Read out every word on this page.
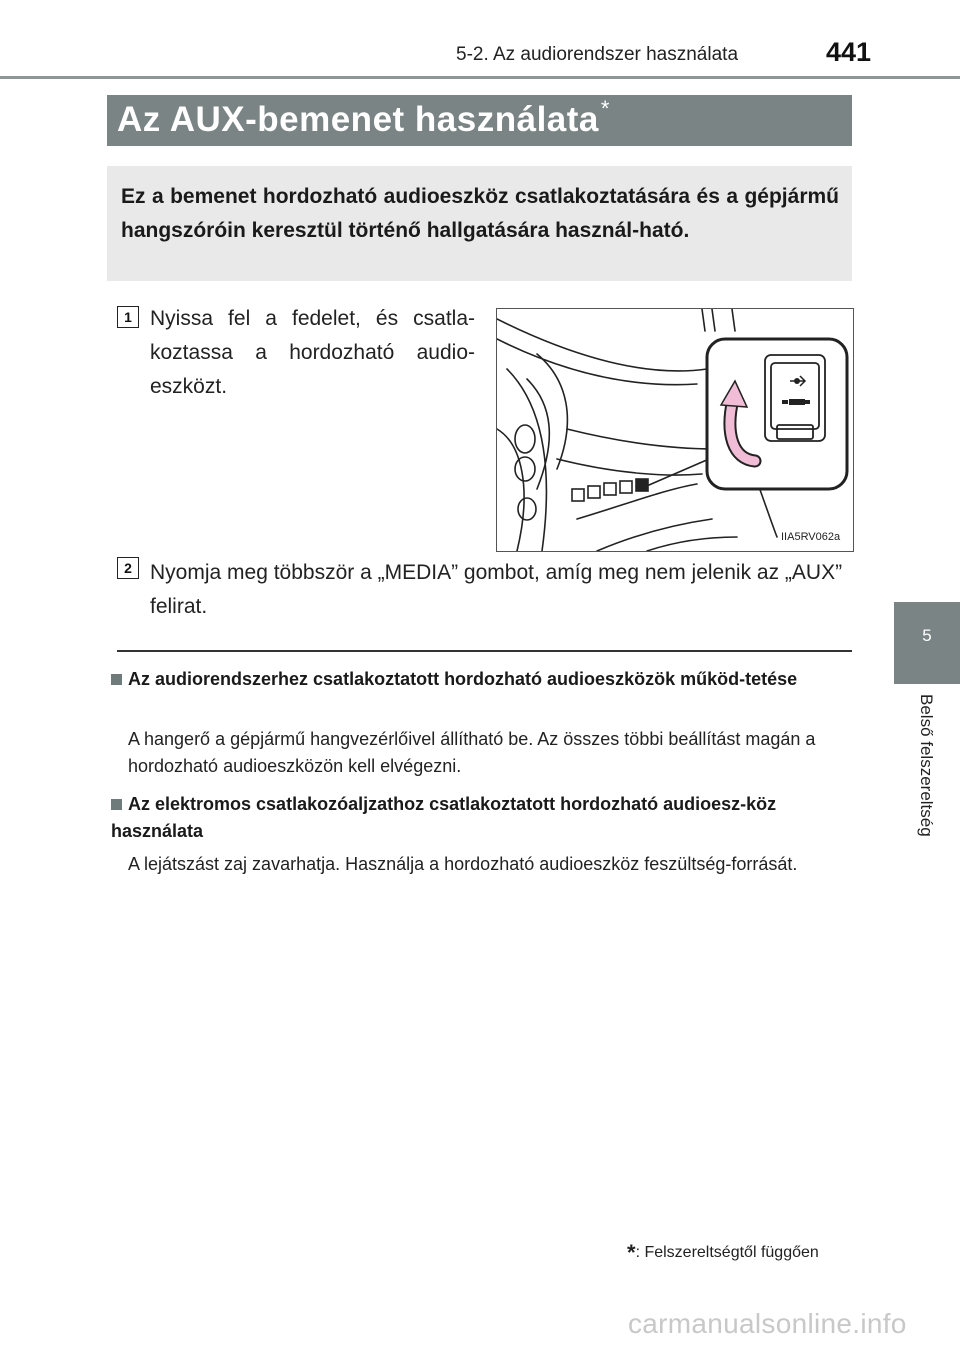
5-2. Az audiorendszer használata	441
5
Belső felszereltség
Az AUX-bemenet használata*
Ez a bemenet hordozható audioeszköz csatlakoztatására és a gépjármű hangszóróin keresztül történő hallgatására használ-ható.
1 Nyissa fel a fedelet, és csatla-koztassa a hordozható audio-eszközt.
IIA5RV062a
2 Nyomja meg többször a „MEDIA” gombot, amíg meg nem jelenik az „AUX” felirat.
Az audiorendszerhez csatlakoztatott hordozható audioeszközök működ-tetése
A hangerő a gépjármű hangvezérlőivel állítható be. Az összes többi beállítást magán a hordozható audioeszközön kell elvégezni.
Az elektromos csatlakozóaljzathoz csatlakoztatott hordozható audioesz-köz használata
A lejátszást zaj zavarhatja. Használja a hordozható audioeszköz feszültség-forrását.
*: Felszereltségtől függően
carmanualsonline.info
